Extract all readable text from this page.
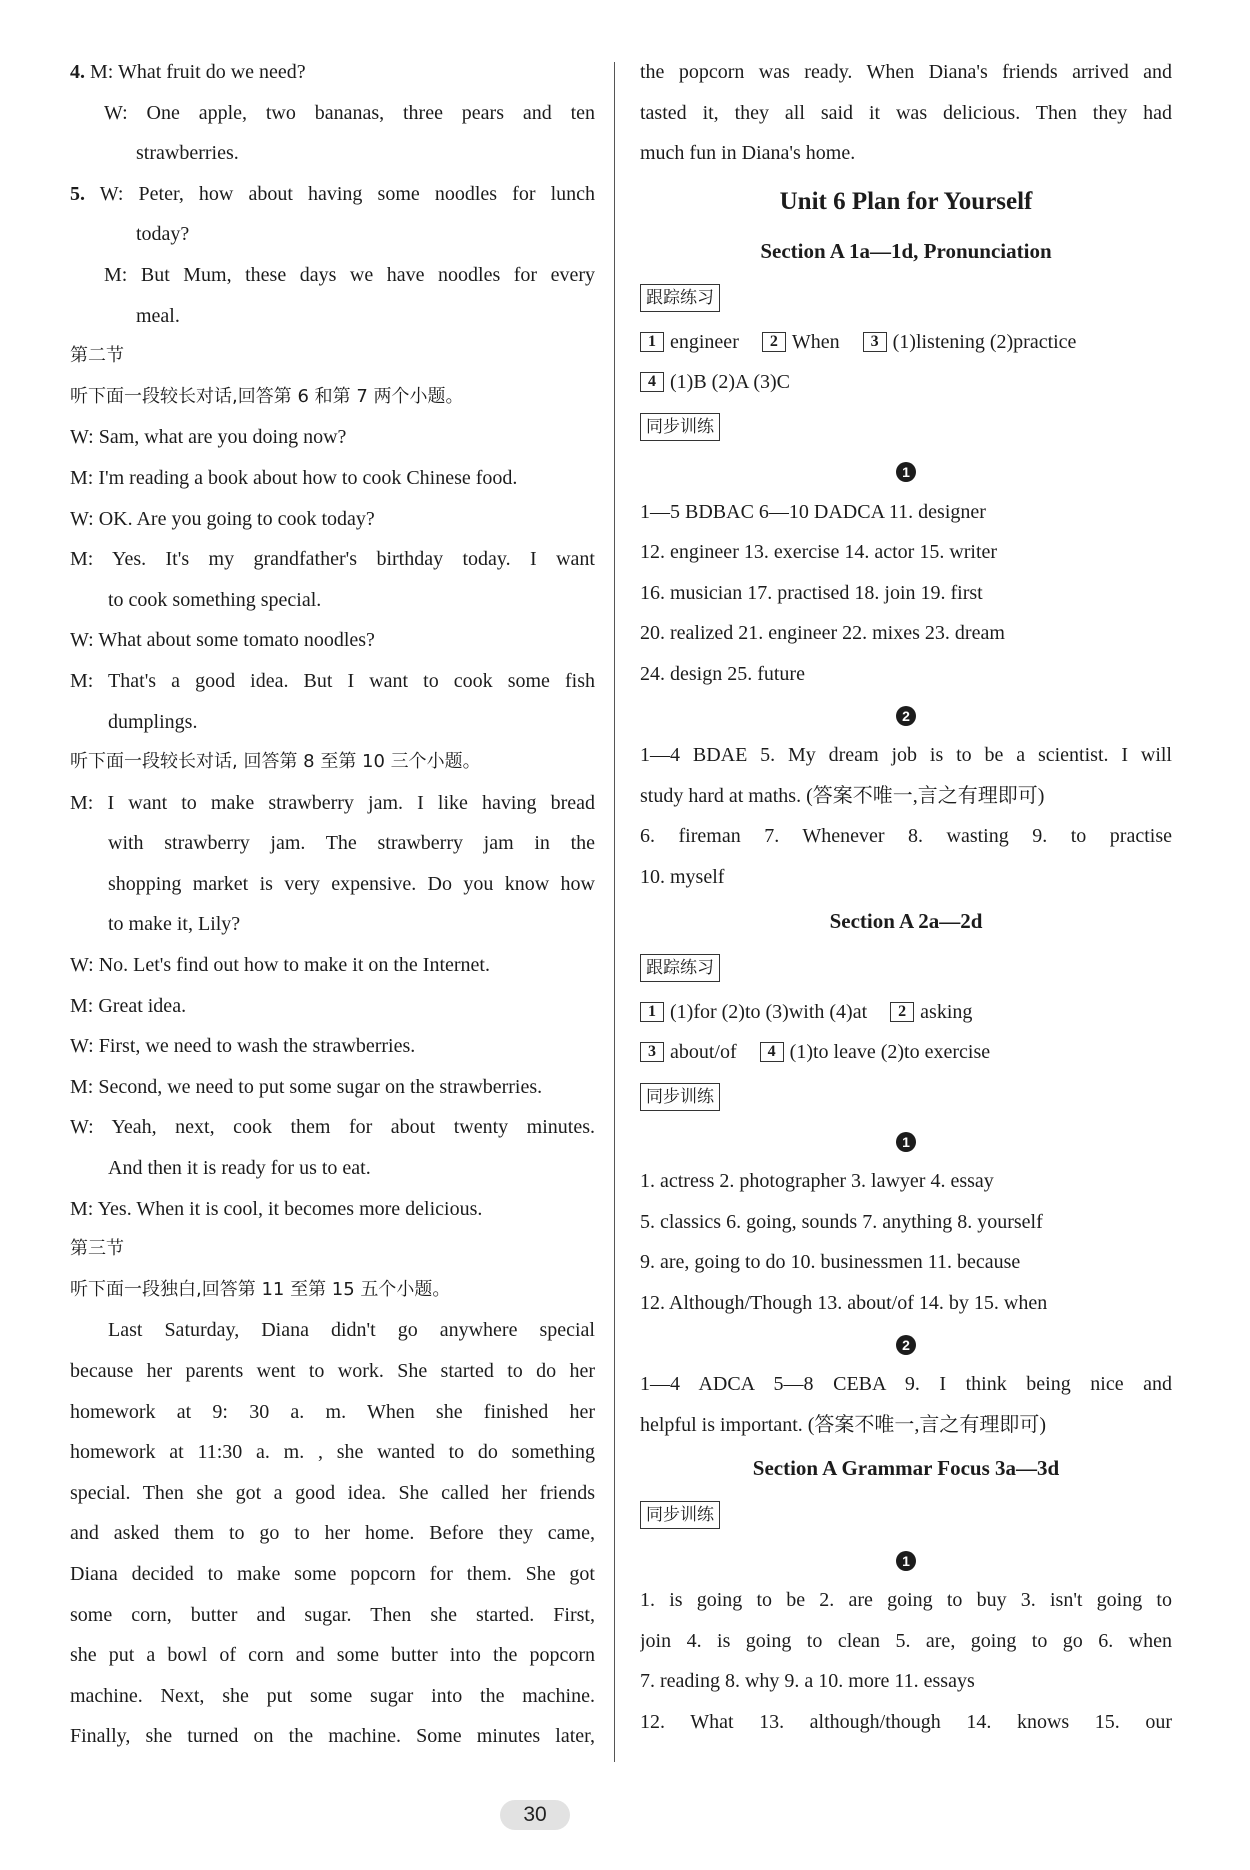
4. M: What fruit do we need?
W: One apple, two bananas, three pears and ten
strawberries.
5. W: Peter, how about having some noodles for lunch
today?
M: But Mum, these days we have noodles for every
meal.
第二节
听下面一段较长对话,回答第 6 和第 7 两个小题。
W: Sam, what are you doing now?
M: I'm reading a book about how to cook Chinese food.
W: OK. Are you going to cook today?
M: Yes. It's my grandfather's birthday today. I want
to cook something special.
W: What about some tomato noodles?
M: That's a good idea. But I want to cook some fish
dumplings.
听下面一段较长对话, 回答第 8 至第 10 三个小题。
M: I want to make strawberry jam. I like having bread
with strawberry jam. The strawberry jam in the
shopping market is very expensive. Do you know how
to make it, Lily?
W: No. Let's find out how to make it on the Internet.
M: Great idea.
W: First, we need to wash the strawberries.
M: Second, we need to put some sugar on the strawberries.
W: Yeah, next, cook them for about twenty minutes.
And then it is ready for us to eat.
M: Yes. When it is cool, it becomes more delicious.
第三节
听下面一段独白,回答第 11 至第 15 五个小题。
Last Saturday, Diana didn't go anywhere special
because her parents went to work. She started to do her
homework at 9: 30 a. m. When she finished her
homework at 11:30 a. m. , she wanted to do something
special. Then she got a good idea. She called her friends
and asked them to go to her home. Before they came,
Diana decided to make some popcorn for them. She got
some corn, butter and sugar. Then she started. First,
she put a bowl of corn and some butter into the popcorn
machine. Next, she put some sugar into the machine.
Finally, she turned on the machine. Some minutes later,
the popcorn was ready. When Diana's friends arrived and
tasted it, they all said it was delicious. Then they had
much fun in Diana's home.
Unit 6 Plan for Yourself
Section A 1a—1d, Pronunciation
跟踪练习
1 engineer 2 When 3 (1)listening (2)practice
4 (1)B (2)A (3)C
同步训练
1
1—5 BDBAC 6—10 DADCA 11. designer
12. engineer 13. exercise 14. actor 15. writer
16. musician 17. practised 18. join 19. first
20. realized 21. engineer 22. mixes 23. dream
24. design 25. future
2
1—4 BDAE 5. My dream job is to be a scientist. I will
study hard at maths. (答案不唯一,言之有理即可)
6. fireman 7. Whenever 8. wasting 9. to practise
10. myself
Section A 2a—2d
跟踪练习
1 (1)for (2)to (3)with (4)at 2 asking
3 about/of 4 (1)to leave (2)to exercise
同步训练
1
1. actress 2. photographer 3. lawyer 4. essay
5. classics 6. going, sounds 7. anything 8. yourself
9. are, going to do 10. businessmen 11. because
12. Although/Though 13. about/of 14. by 15. when
2
1—4 ADCA 5—8 CEBA 9. I think being nice and
helpful is important. (答案不唯一,言之有理即可)
Section A Grammar Focus 3a—3d
同步训练
1
1. is going to be 2. are going to buy 3. isn't going to
join 4. is going to clean 5. are, going to go 6. when
7. reading 8. why 9. a 10. more 11. essays
12. What 13. although/though 14. knows 15. our
30
